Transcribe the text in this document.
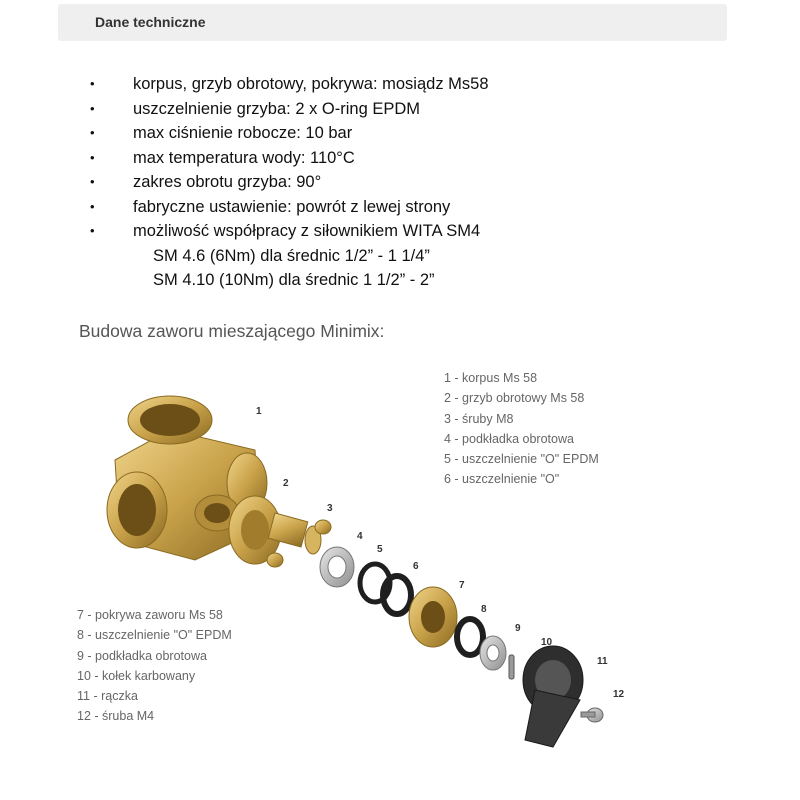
Dane techniczne
• korpus, grzyb obrotowy, pokrywa: mosiądz Ms58
• uszczelnienie grzyba: 2 x O-ring EPDM
• max ciśnienie robocze: 10 bar
• max temperatura wody: 110°C
• zakres obrotu grzyba: 90°
• fabryczne ustawienie: powrót z lewej strony
• możliwość współpracy z siłownikiem WITA SM4
SM 4.6 (6Nm) dla średnic 1/2” - 1 1/4”
SM 4.10 (10Nm) dla średnic 1 1/2” - 2”
Budowa zaworu mieszającego Minimix:
1
2
3
4
5
6
7
8
9
10
11
12
1 - korpus Ms 58
2 - grzyb obrotowy Ms 58
3 - śruby M8
4 - podkładka obrotowa
5 - uszczelnienie "O" EPDM
6 - uszczelnienie "O"
7 - pokrywa zaworu Ms 58
8 - uszczelnienie "O" EPDM
9 - podkładka obrotowa
10 - kołek karbowany
11 - rączka
12 - śruba M4
